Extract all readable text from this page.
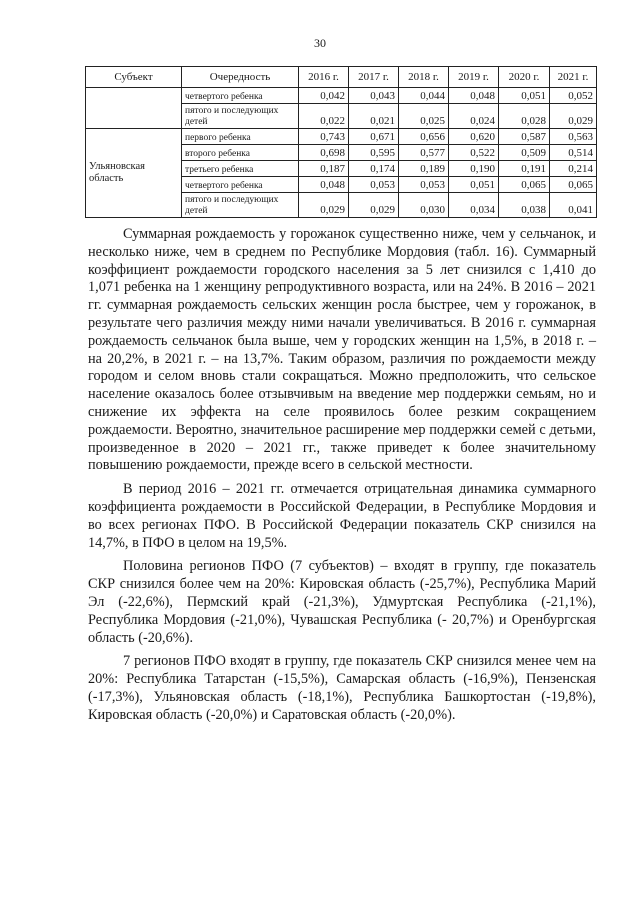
30
Субъект	Очередность	2016 г.	2017 г.	2018 г.	2019 г.	2020 г.	2021 г.
	четвертого ребенка	0,042	0,043	0,044	0,048	0,051	0,052
	пятого и последующих детей	0,022	0,021	0,025	0,024	0,028	0,029
Ульяновская область	первого ребенка	0,743	0,671	0,656	0,620	0,587	0,563
	второго ребенка	0,698	0,595	0,577	0,522	0,509	0,514
	третьего ребенка	0,187	0,174	0,189	0,190	0,191	0,214
	четвертого ребенка	0,048	0,053	0,053	0,051	0,065	0,065
	пятого и последующих детей	0,029	0,029	0,030	0,034	0,038	0,041

Суммарная рождаемость у горожанок существенно ниже, чем у сельчанок, и несколько ниже, чем в среднем по Республике Мордовия (табл. 16). Суммарный коэффициент рождаемости городского населения за 5 лет снизился с 1,410 до 1,071 ребенка на 1 женщину репродуктивного возраста, или на 24%. В 2016 – 2021 гг. суммарная рождаемость сельских женщин росла быстрее, чем у горожанок, в результате чего различия между ними начали увеличиваться. В 2016 г. суммарная рождаемость сельчанок была выше, чем у городских женщин на 1,5%, в 2018 г. – на 20,2%, в 2021 г. – на 13,7%. Таким образом, различия по рождаемости между городом и селом вновь стали сокращаться. Можно предположить, что сельское население оказалось более отзывчивым на введение мер поддержки семьям, но и снижение их эффекта на селе проявилось более резким сокращением рождаемости. Вероятно, значительное расширение мер поддержки семей с детьми, произведенное в 2020 – 2021 гг., также приведет к более значительному повышению рождаемости, прежде всего в сельской местности.

В период 2016 – 2021 гг. отмечается отрицательная динамика суммарного коэффициента рождаемости в Российской Федерации, в Республике Мордовия и во всех регионах ПФО. В Российской Федерации показатель СКР снизился на 14,7%, в ПФО в целом на 19,5%.

Половина регионов ПФО (7 субъектов) – входят в группу, где показатель СКР снизился более чем на 20%: Кировская область (-25,7%), Республика Марий Эл (-22,6%), Пермский край (-21,3%), Удмуртская Республика (-21,1%), Республика Мордовия (-21,0%), Чувашская Республика (- 20,7%) и Оренбургская область (-20,6%).

7 регионов ПФО входят в группу, где показатель СКР снизился менее чем на 20%: Республика Татарстан (-15,5%), Самарская область (-16,9%), Пензенская (-17,3%), Ульяновская область (-18,1%), Республика Башкортостан (-19,8%), Кировская область (-20,0%) и Саратовская область (-20,0%).
